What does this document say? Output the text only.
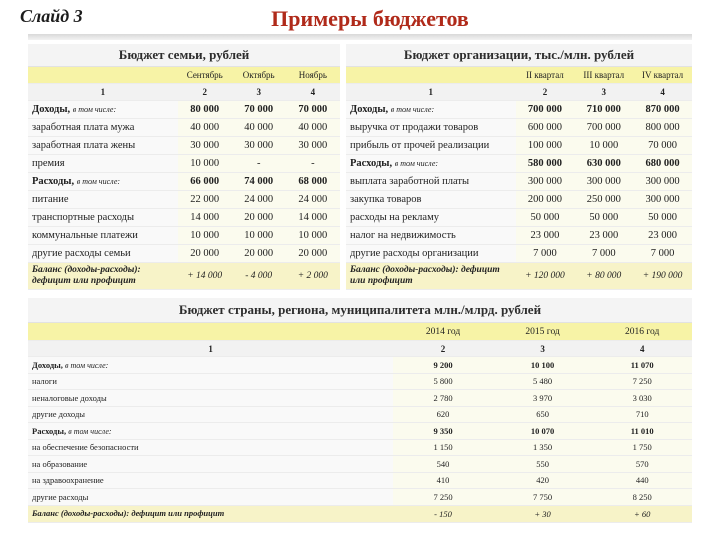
Слайд 3	Примеры бюджетов
Бюджет семьи, рублей
	Сентябрь	Октябрь	Ноябрь
1	2	3	4
Доходы, в том числе:	80 000	70 000	70 000
заработная плата мужа	40 000	40 000	40 000
заработная плата жены	30 000	30 000	30 000
премия	10 000	-	-
Расходы, в том числе:	66 000	74 000	68 000
питание	22 000	24 000	24 000
транспортные расходы	14 000	20 000	14 000
коммунальные платежи	10 000	10 000	10 000
другие расходы семьи	20 000	20 000	20 000
Баланс (доходы-расходы): дефицит или профицит	+ 14 000	- 4 000	+ 2 000
Бюджет организации, тыс./млн. рублей
	II квартал	III квартал	IV квартал
1	2	3	4
Доходы, в том числе:	700 000	710 000	870 000
выручка от продажи товаров	600 000	700 000	800 000
прибыль от прочей реализации	100 000	10 000	70 000
Расходы, в том числе:	580 000	630 000	680 000
выплата заработной платы	300 000	300 000	300 000
закупка товаров	200 000	250 000	300 000
расходы на рекламу	50 000	50 000	50 000
налог на недвижимость	23 000	23 000	23 000
другие расходы организации	7 000	7 000	7 000
Баланс (доходы-расходы): дефицит или профицит	+ 120 000	+ 80 000	+ 190 000
Бюджет страны, региона, муниципалитета млн./млрд. рублей
	2014 год	2015 год	2016 год
1	2	3	4
Доходы, в том числе:	9 200	10 100	11 070
налоги	5 800	5 480	7 250
неналоговые доходы	2 780	3 970	3 030
другие доходы	620	650	710
Расходы, в том числе:	9 350	10 070	11 010
на обеспечение безопасности	1 150	1 350	1 750
на образование	540	550	570
на здравоохранение	410	420	440
другие расходы	7 250	7 750	8 250
Баланс (доходы-расходы): дефицит или профицит	- 150	+ 30	+ 60
